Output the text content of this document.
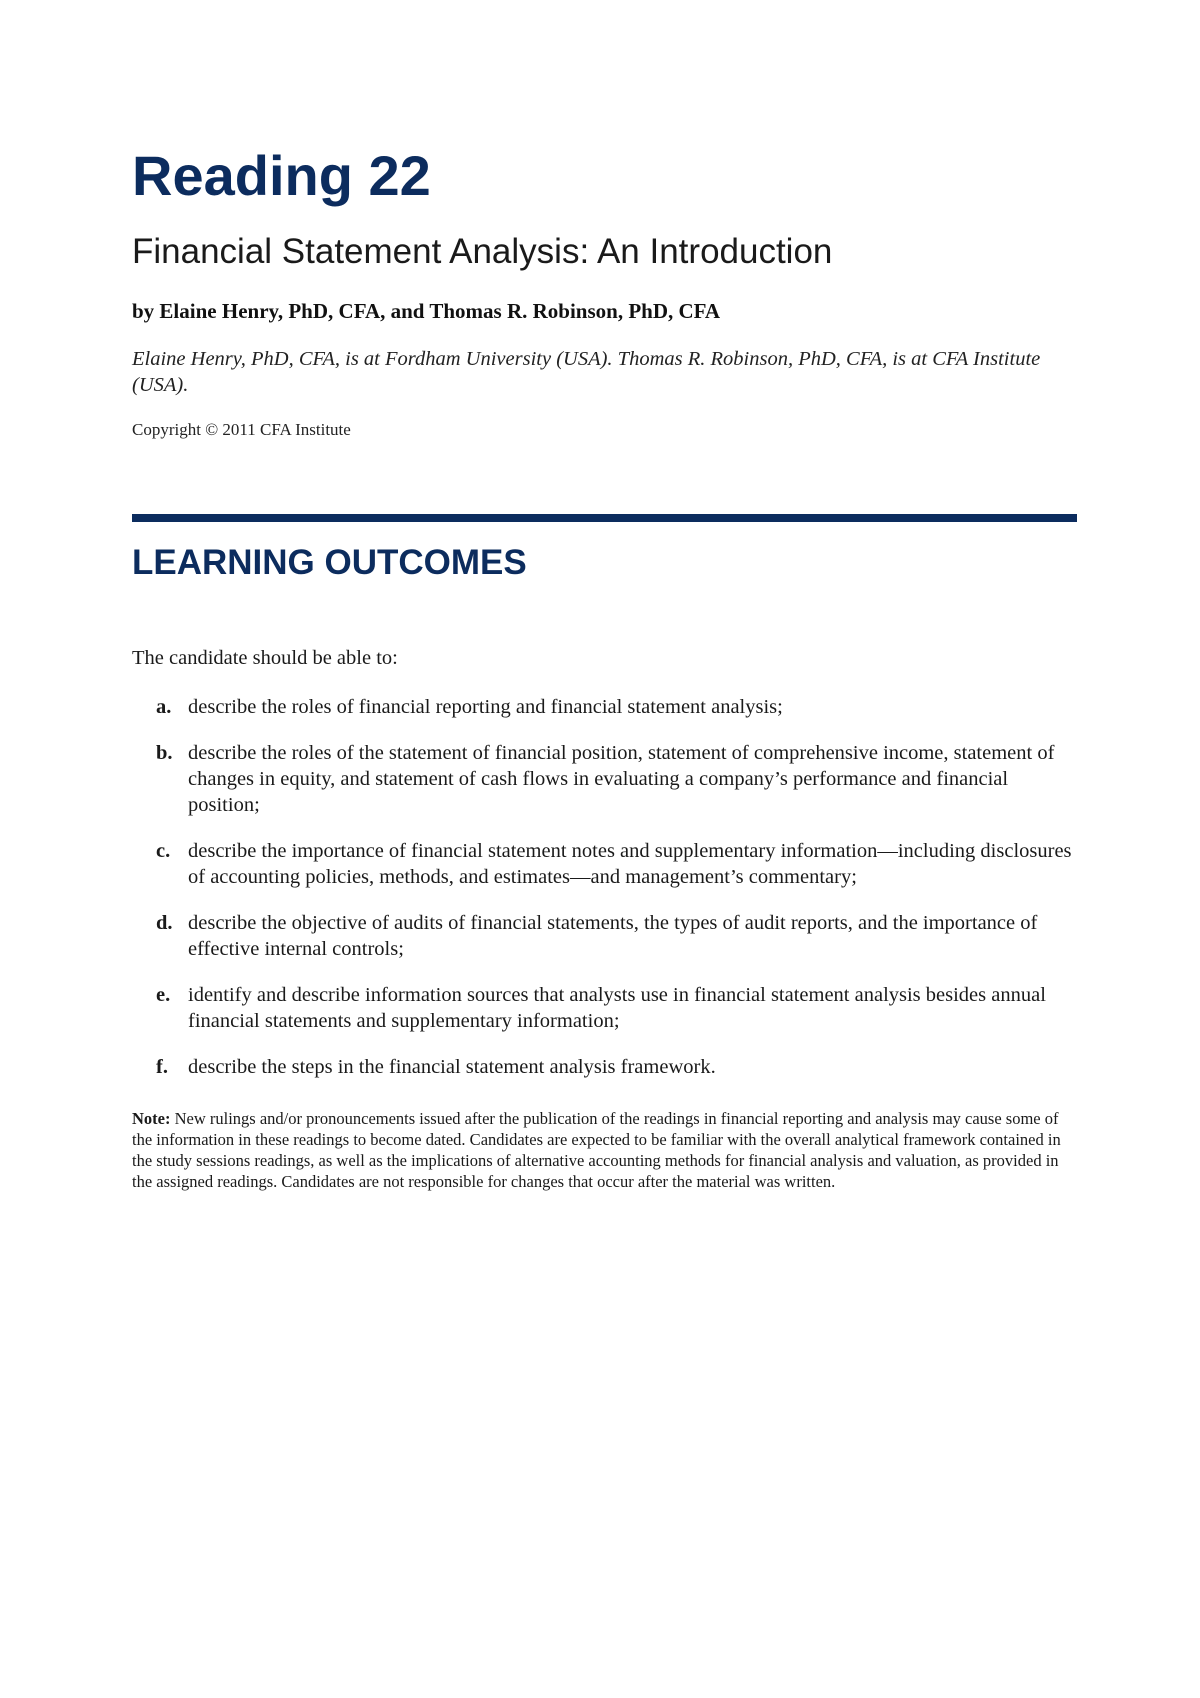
Reading 22
Financial Statement Analysis: An Introduction

by Elaine Henry, PhD, CFA, and Thomas R. Robinson, PhD, CFA

Elaine Henry, PhD, CFA, is at Fordham University (USA). Thomas R. Robinson, PhD, CFA, is at CFA Institute (USA).

Copyright © 2011 CFA Institute

LEARNING OUTCOMES

The candidate should be able to:

a. describe the roles of financial reporting and financial statement analysis;
b. describe the roles of the statement of financial position, statement of comprehensive income, statement of changes in equity, and statement of cash flows in evaluating a company’s performance and financial position;
c. describe the importance of financial statement notes and supplementary information—including disclosures of accounting policies, methods, and estimates—and management’s commentary;
d. describe the objective of audits of financial statements, the types of audit reports, and the importance of effective internal controls;
e. identify and describe information sources that analysts use in financial statement analysis besides annual financial statements and supplementary information;
f. describe the steps in the financial statement analysis framework.

Note: New rulings and/or pronouncements issued after the publication of the readings in financial reporting and analysis may cause some of the information in these readings to become dated. Candidates are expected to be familiar with the overall analytical framework contained in the study sessions readings, as well as the implications of alternative accounting methods for financial analysis and valuation, as provided in the assigned readings. Candidates are not responsible for changes that occur after the material was written.
